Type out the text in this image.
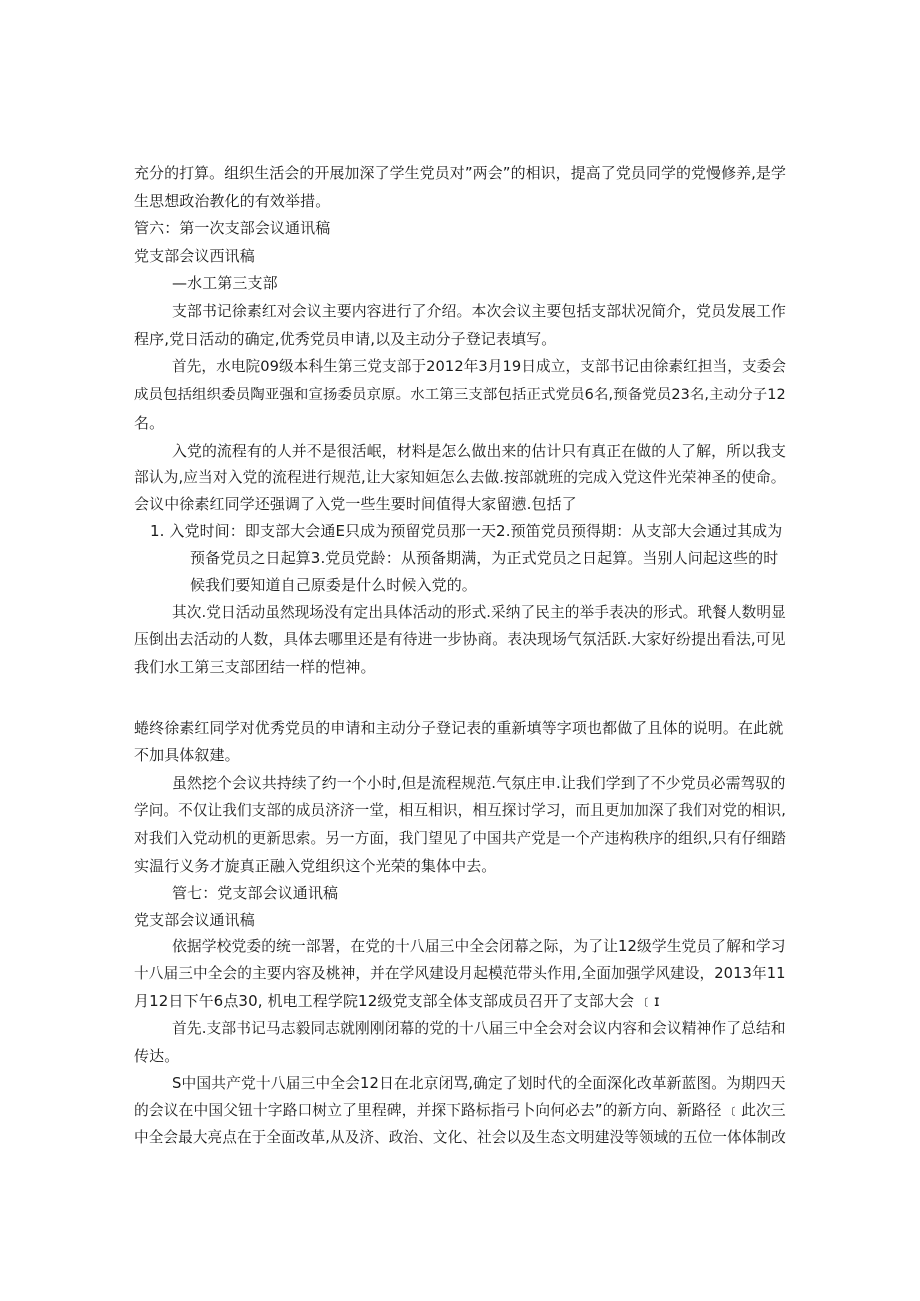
充分的打算。组织生活会的开展加深了学生党员对”两会”的相识，提高了党员同学的党慢修养,是学
生思想政治教化的有效举措。
管六：第一次支部会议通讯稿
党支部会议西讯稿
—水工第三支部
支部书记徐素红对会议主要内容进行了介绍。本次会议主要包括支部状况简介，党员发展工作
程序,党日活动的确定,优秀党员申请,以及主动分子登记表填写。
首先，水电院09级本科生第三党支部于2012年3月19日成立，支部书记由徐素红担当，支委会
成员包括组织委员陶亚强和宣扬委员京原。水工第三支部包括正式党员6名,预备党员23名,主动分子12
名。
入党的流程有的人并不是很活岷，材料是怎么做出来的估计只有真正在做的人了解，所以我支
部认为,应当对入党的流程进行规范,让大家知姮怎么去做.按部就班的完成入党这件光荣神圣的使命。
会议中徐素红同学还强调了入党一些生要时间值得大家留懑.包括了
1. 入党时间：即支部大会通E只成为预留党员那一天2.预笛党员预得期：从支部大会通过其成为
预备党员之日起算3.党员党龄：从预备期满，为正式党员之日起算。当别人问起这些的时
候我们要知道自己原委是什么时候入党的。
其次.党日活动虽然现场没有定出具体活动的形式.采纳了民主的举手表决的形式。玳餐人数明显
压倒出去活动的人数，具体去哪里还是有待进一步协商。表决现场气氛活跃.大家好纷提出看法,可见
我们水工第三支部团结一样的恺神。
蜷终徐素红同学对优秀党员的申请和主动分子登记表的重新填等字项也都做了且体的说明。在此就
不加具体叙建。
虽然挖个会议共持续了约一个小时,但是流程规范.气氛庄申.让我们学到了不少党员必需驾驭的
学问。不仅让我们支部的成员济济一堂，相互相识，相互探讨学习，而且更加加深了我们对党的相识,
对我们入党动机的更新思索。另一方面，我门望见了中国共产党是一个产违构秩序的组织,只有仔细踏
实温行义务才旋真正融入党组织这个光荣的集体中去。
管七：党支部会议通讯稿
党支部会议通讯稿
依据学校党委的统一部署，在党的十八届三中全会闭幕之际，为了让12级学生党员了解和学习
十八届三中全会的主要内容及桃神，并在学风建设月起模范带头作用,全面加强学风建设，2013年11
月12日下午6点30, 机电工程学院12级党支部全体支部成员召开了支部大会 ﹝ɪ
首先.支部书记马志毅同志就刚刚闭幕的党的十八届三中全会对会议内容和会议精神作了总结和
传达。
S中国共产党十八届三中全会12日在北京闭骂,确定了划时代的全面深化改革新蓝图。为期四天
的会议在中国父钮十字路口树立了里程碑，并探下路标指弓卜向何必去”的新方向、新路径 ﹝此次三
中全会最大亮点在于全面改革,从及济、政治、文化、社会以及生态文明建没等领域的五位一体体制改
